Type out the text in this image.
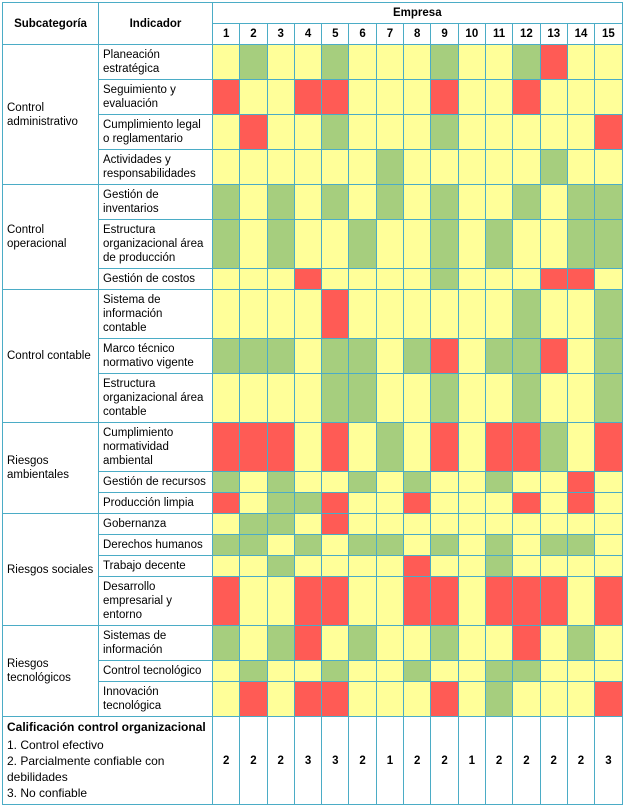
Subcategoría	Indicador	Empresa														
		1	2	3	4	5	6	7	8	9	10	11	12	13	14	15
Control administrativo	Planeación estratégica															
	Seguimiento y evaluación															
	Cumplimiento legal o reglamentario															
	Actividades y responsabilidades															
Control operacional	Gestión de inventarios															
	Estructura organizacional área de producción															
	Gestión de costos															
Control contable	Sistema de información contable															
	Marco técnico normativo vigente															
	Estructura organizacional área contable															
Riesgos ambientales	Cumplimiento normatividad ambiental															
	Gestión de recursos															
	Producción limpia															
Riesgos sociales	Gobernanza															
	Derechos humanos															
	Trabajo decente															
	Desarrollo empresarial y entorno															
Riesgos tecnológicos	Sistemas de información															
	Control tecnológico															
	Innovación tecnológica															

Calificación control organizacional
1. Control efectivo
2. Parcialmente confiable con debilidades
3. No confiable		2	2	2	3	3	2	1	2	2	1	2	2	2	2	3
